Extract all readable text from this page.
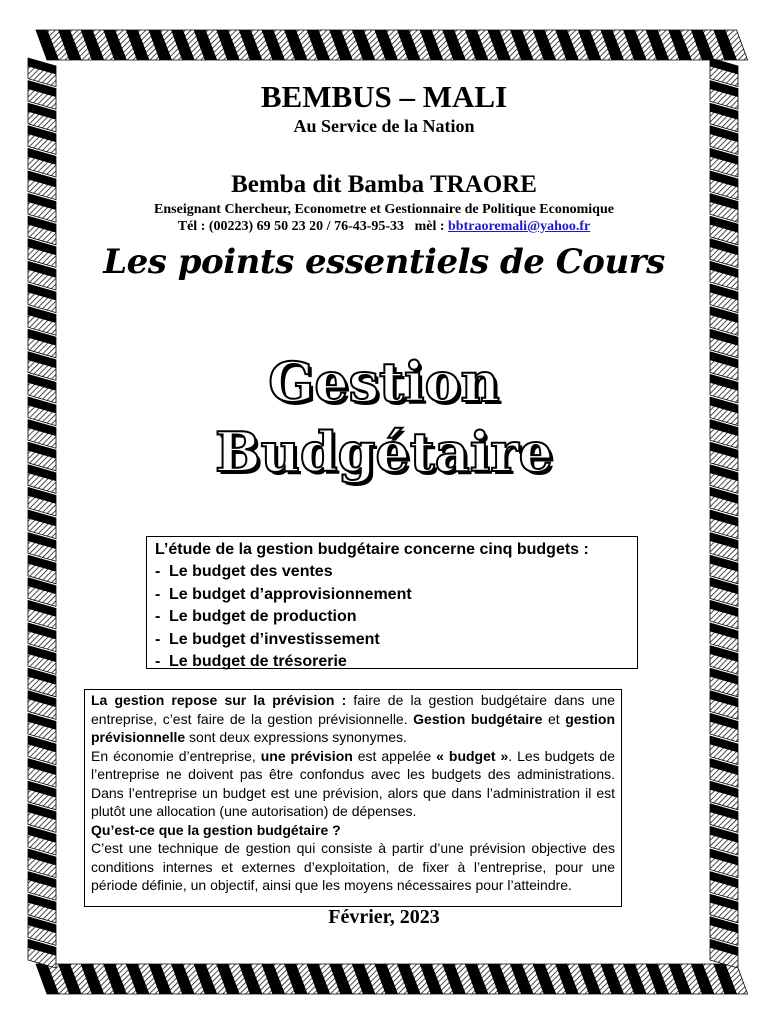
BEMBUS – MALI
Au Service de la Nation
Bemba dit Bamba TRAORE
Enseignant Chercheur, Econometre et Gestionnaire de Politique Economique
Tél : (00223) 69 50 23 20 / 76-43-95-33 mèl : bbtraoremali@yahoo.fr
Les points essentiels de Cours
Gestion
Budgétaire
L’étude de la gestion budgétaire concerne cinq budgets :
- Le budget des ventes
- Le budget d’approvisionnement
- Le budget de production
- Le budget d’investissement
- Le budget de trésorerie

La gestion repose sur la prévision : faire de la gestion budgétaire dans une entreprise, c’est faire de la gestion prévisionnelle. Gestion budgétaire et gestion prévisionnelle sont deux expressions synonymes.

En économie d’entreprise, une prévision est appelée « budget ». Les budgets de l’entreprise ne doivent pas être confondus avec les budgets des administrations. Dans l’entreprise un budget est une prévision, alors que dans l’administration il est plutôt une allocation (une autorisation) de dépenses.

Qu’est-ce que la gestion budgétaire ?

C’est une technique de gestion qui consiste à partir d’une prévision objective des conditions internes et externes d’exploitation, de fixer à l’entreprise, pour une période définie, un objectif, ainsi que les moyens nécessaires pour l’atteindre.

Février, 2023
